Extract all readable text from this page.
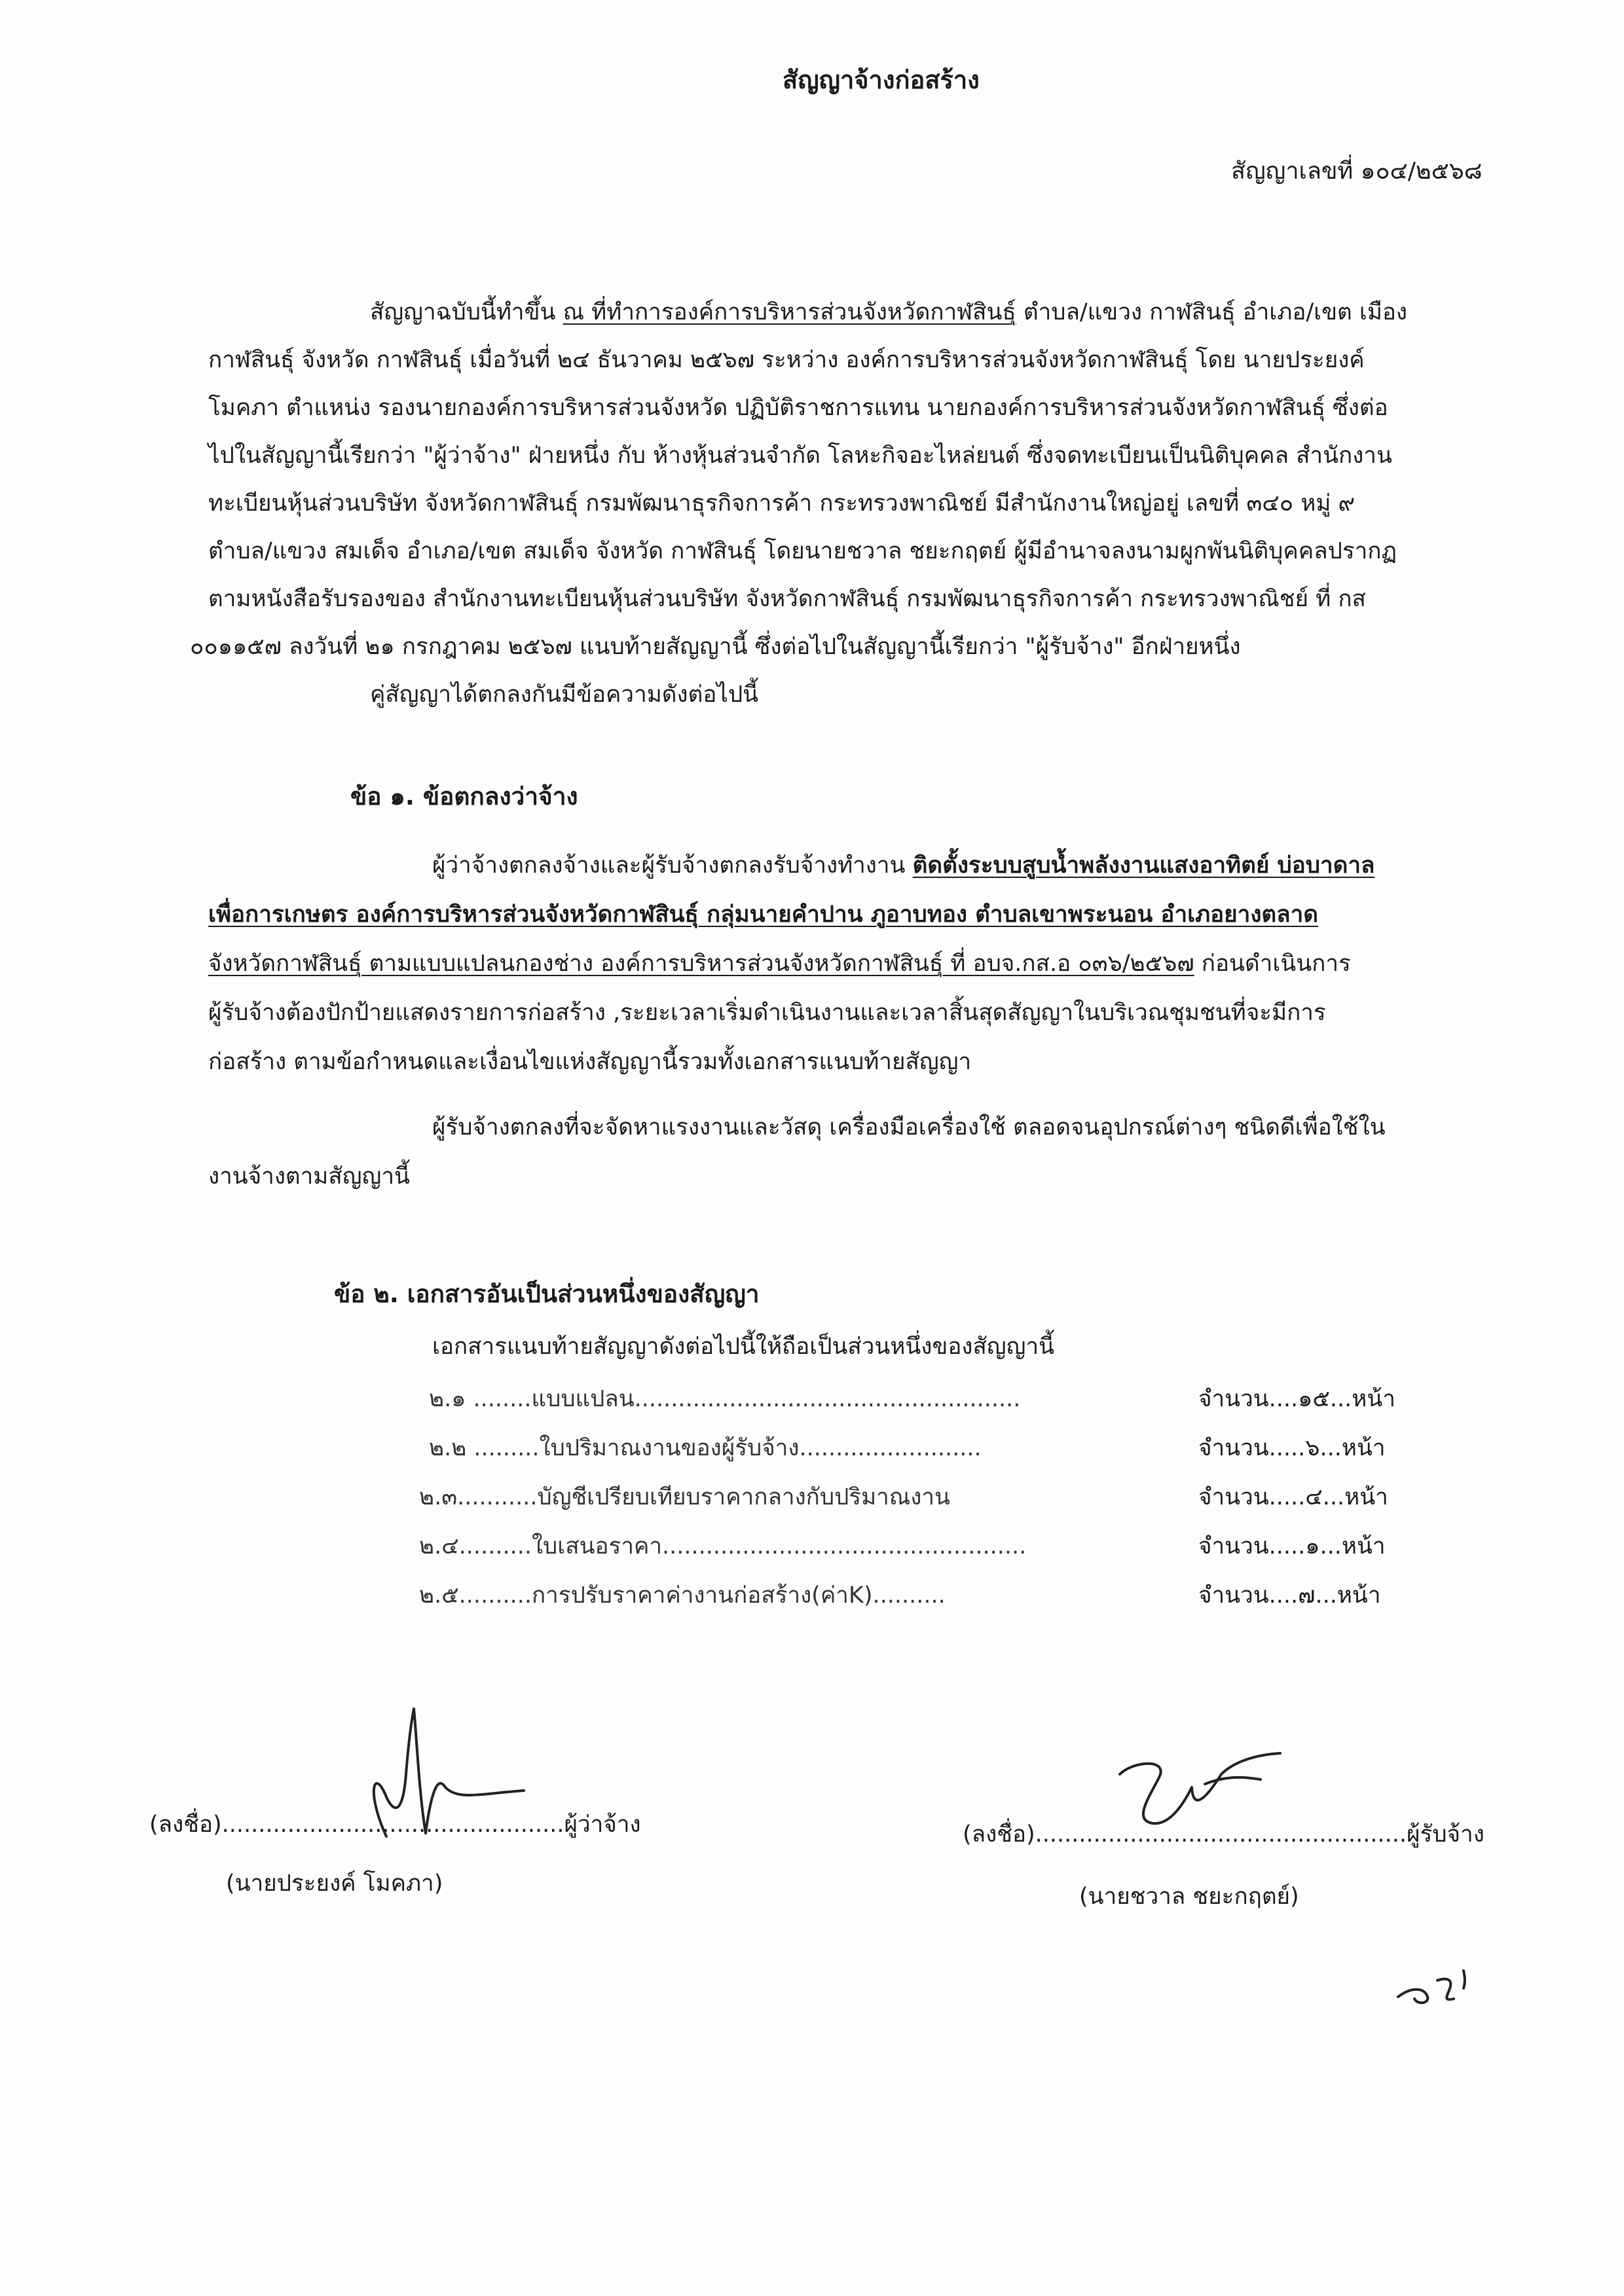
สัญญาจ้างก่อสร้าง
สัญญาเลขที่ ๑๐๔/๒๕๖๘
สัญญาฉบับนี้ทำขึ้น ณ ที่ทำการองค์การบริหารส่วนจังหวัดกาฬสินธุ์ ตำบล/แขวง กาฬสินธุ์ อำเภอ/เขต เมือง
กาฬสินธุ์ จังหวัด กาฬสินธุ์ เมื่อวันที่ ๒๔ ธันวาคม ๒๕๖๗ ระหว่าง องค์การบริหารส่วนจังหวัดกาฬสินธุ์ โดย นายประยงค์
โมคภา ตำแหน่ง รองนายกองค์การบริหารส่วนจังหวัด ปฏิบัติราชการแทน นายกองค์การบริหารส่วนจังหวัดกาฬสินธุ์ ซึ่งต่อ
ไปในสัญญานี้เรียกว่า "ผู้ว่าจ้าง" ฝ่ายหนึ่ง กับ ห้างหุ้นส่วนจำกัด โลหะกิจอะไหล่ยนต์ ซึ่งจดทะเบียนเป็นนิติบุคคล สำนักงาน
ทะเบียนหุ้นส่วนบริษัท จังหวัดกาฬสินธุ์ กรมพัฒนาธุรกิจการค้า กระทรวงพาณิชย์ มีสำนักงานใหญ่อยู่ เลขที่ ๓๔๐ หมู่ ๙
ตำบล/แขวง สมเด็จ อำเภอ/เขต สมเด็จ จังหวัด กาฬสินธุ์ โดยนายชวาล ชยะกฤตย์ ผู้มีอำนาจลงนามผูกพันนิติบุคคลปรากฏ
ตามหนังสือรับรองของ สำนักงานทะเบียนหุ้นส่วนบริษัท จังหวัดกาฬสินธุ์ กรมพัฒนาธุรกิจการค้า กระทรวงพาณิชย์ ที่ กส
๐๐๑๑๕๗ ลงวันที่ ๒๑ กรกฎาคม ๒๕๖๗ แนบท้ายสัญญานี้ ซึ่งต่อไปในสัญญานี้เรียกว่า "ผู้รับจ้าง" อีกฝ่ายหนึ่ง
คู่สัญญาได้ตกลงกันมีข้อความดังต่อไปนี้
ข้อ ๑. ข้อตกลงว่าจ้าง
ผู้ว่าจ้างตกลงจ้างและผู้รับจ้างตกลงรับจ้างทำงาน ติดตั้งระบบสูบน้ำพลังงานแสงอาทิตย์ บ่อบาดาล
เพื่อการเกษตร องค์การบริหารส่วนจังหวัดกาฬสินธุ์ กลุ่มนายคำปาน ภูอาบทอง ตำบลเขาพระนอน อำเภอยางตลาด
จังหวัดกาฬสินธุ์ ตามแบบแปลนกองช่าง องค์การบริหารส่วนจังหวัดกาฬสินธุ์ ที่ อบจ.กส.อ ๐๓๖/๒๕๖๗ ก่อนดำเนินการ
ผู้รับจ้างต้องปักป้ายแสดงรายการก่อสร้าง ,ระยะเวลาเริ่มดำเนินงานและเวลาสิ้นสุดสัญญาในบริเวณชุมชนที่จะมีการ
ก่อสร้าง ตามข้อกำหนดและเงื่อนไขแห่งสัญญานี้รวมทั้งเอกสารแนบท้ายสัญญา
ผู้รับจ้างตกลงที่จะจัดหาแรงงานและวัสดุ เครื่องมือเครื่องใช้ ตลอดจนอุปกรณ์ต่างๆ ชนิดดีเพื่อใช้ใน
งานจ้างตามสัญญานี้
ข้อ ๒. เอกสารอันเป็นส่วนหนึ่งของสัญญา
เอกสารแนบท้ายสัญญาดังต่อไปนี้ให้ถือเป็นส่วนหนึ่งของสัญญานี้
๒.๑ ........แบบแปลน.....................................................	จำนวน....๑๕...หน้า
๒.๒ .........ใบปริมาณงานของผู้รับจ้าง.........................	จำนวน.....๖...หน้า
๒.๓...........บัญชีเปรียบเทียบราคากลางกับปริมาณงาน	จำนวน.....๔...หน้า
๒.๔..........ใบเสนอราคา..................................................	จำนวน.....๑...หน้า
๒.๕..........การปรับราคาค่างานก่อสร้าง(ค่าK)..........	จำนวน....๗...หน้า
(ลงชื่อ)...............................................ผู้ว่าจ้าง
(นายประยงค์ โมคภา)
(ลงชื่อ)...................................................ผู้รับจ้าง
(นายชวาล ชยะกฤตย์)
